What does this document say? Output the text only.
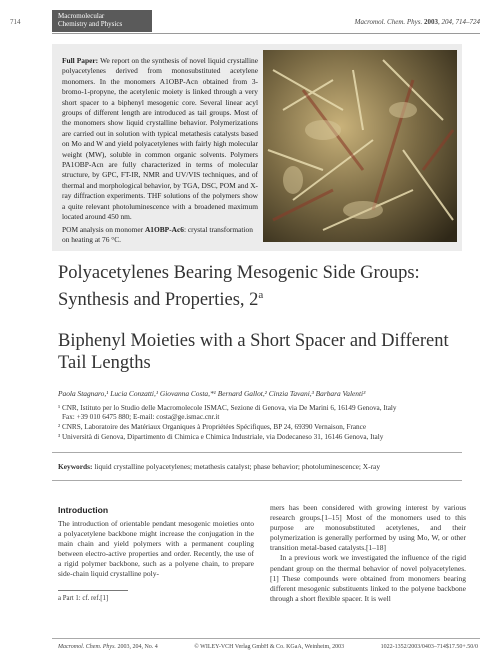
714
Macromolecular
Chemistry and Physics	Macromol. Chem. Phys. 2003, 204, 714–724
Full Paper: We report on the synthesis of novel liquid crystalline polyacetylenes derived from monosubstituted acetylene monomers. In the monomers A1OBP-Acn obtained from 3-bromo-1-propyne, the acetylenic moiety is linked through a very short spacer to a biphenyl mesogenic core. Several linear acyl groups of different length are introduced as tail groups. Most of the monomers show liquid crystalline behavior. Polymerizations are carried out in solution with typical metathesis catalysts based on Mo and W and yield polyacetylenes with fairly high molecular weight (MW), soluble in common organic solvents. Polymers PA1OBP-Acn are fully characterized in terms of molecular structure, by GPC, FT-IR, NMR and UV/VIS techniques, and of thermal and morphological behavior, by TGA, DSC, POM and X-ray diffraction experiments. THF solutions of the polymers show a quite relevant photoluminescence with a broadened maximum located around 450 nm.
POM analysis on monomer A1OBP-Ac6: crystal transformation on heating at 76 °C.
Polyacetylenes Bearing Mesogenic Side Groups: Synthesis and Properties, 2$^a$
Biphenyl Moieties with a Short Spacer and Different Tail Lengths
Paola Stagnaro,¹ Lucia Conzatti,¹ Giovanna Costa,*¹ Bernard Gallot,² Cinzia Tavani,³ Barbara Valenti³
¹ CNR, Istituto per lo Studio delle Macromolecole ISMAC, Sezione di Genova, via De Marini 6, 16149 Genova, Italy
Fax: +39 010 6475 880; E-mail: costa@ge.ismac.cnr.it
² CNRS, Laboratoire des Matériaux Organiques à Propriétées Spécifiques, BP 24, 69390 Vernaison, France
³ Università di Genova, Dipartimento di Chimica e Chimica Industriale, via Dodecaneso 31, 16146 Genova, Italy
Keywords: liquid crystalline polyacetylenes; metathesis catalyst; phase behavior; photoluminescence; X-ray
Introduction
The introduction of orientable pendant mesogenic moieties onto a polyacetylene backbone might increase the conjugation in the main chain and yield polymers with a permanent coupling between electro-active properties and order. Recently, the use of a rigid polymer backbone, such as a polyene chain, to prepare side-chain liquid crystalline poly-
mers has been considered with growing interest by various research groups.[1–15] Most of the monomers used to this purpose are monosubstituted acetylenes, and their polymerization is generally performed by using Mo, W, or other transition metal-based catalysts.[1–18]
In a previous work we investigated the influence of the rigid pendant group on the thermal behavior of novel polyacetylenes.[1] These compounds were obtained from monomers bearing different mesogenic substituents linked to the polyene backbone through a short flexible spacer. It is well
a Part 1: cf. ref.[1]
Macromol. Chem. Phys. 2003, 204, No. 4	© WILEY-VCH Verlag GmbH & Co. KGaA, Weinheim, 2003	1022-1352/2003/0403–714$17.50+.50/0
